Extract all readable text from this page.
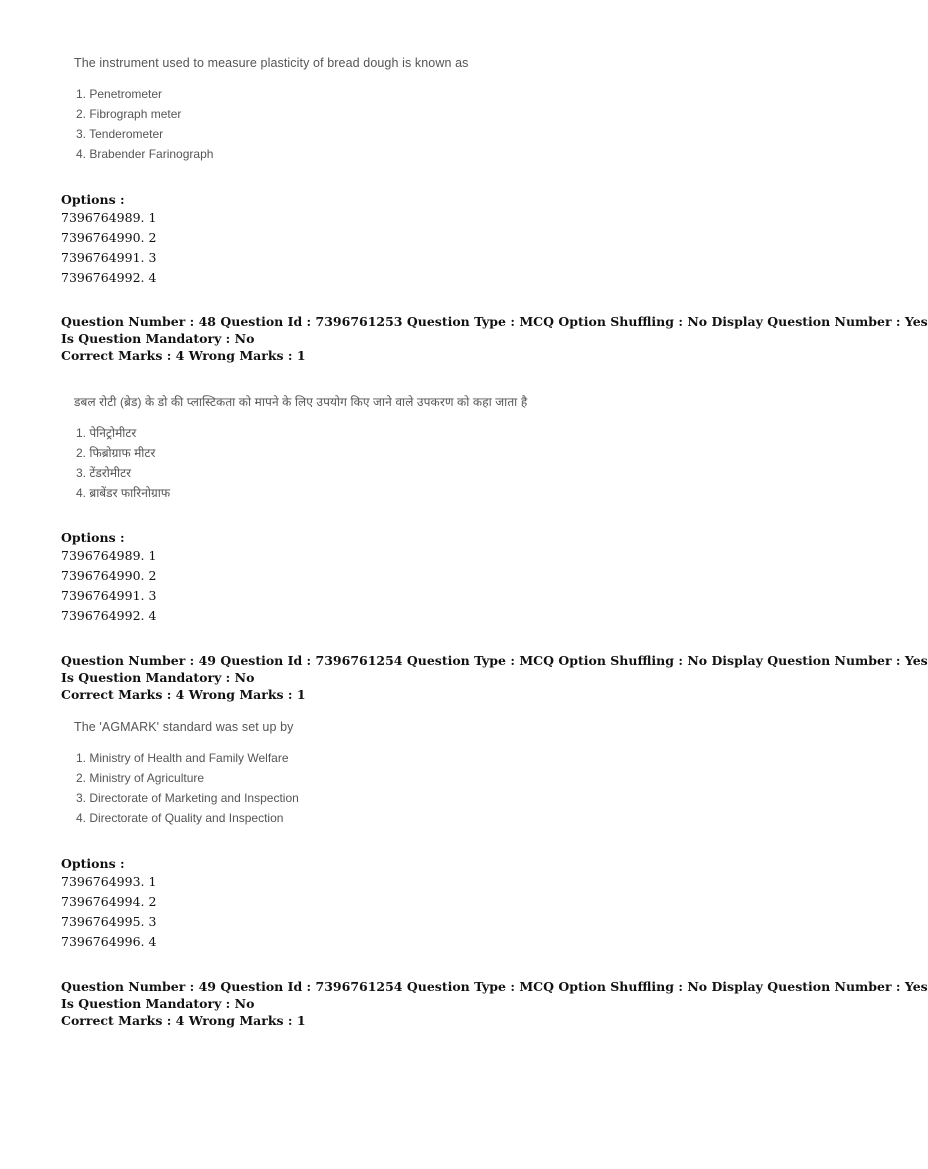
The instrument used to measure plasticity of bread dough is known as
1. Penetrometer
2. Fibrograph meter
3. Tenderometer
4. Brabender Farinograph
Options :
7396764989. 1
7396764990. 2
7396764991. 3
7396764992. 4
Question Number : 48 Question Id : 7396761253 Question Type : MCQ Option Shuffling : No Display Question Number : Yes
Is Question Mandatory : No
Correct Marks : 4 Wrong Marks : 1
डबल रोटी (ब्रेड) के डो की प्लास्टिकता को मापने के लिए उपयोग किए जाने वाले उपकरण को कहा जाता है
1. पेनिट्रोमीटर
2. फिब्रोग्राफ मीटर
3. टेंडरोमीटर
4. ब्राबेंडर फारिनोग्राफ
Options :
7396764989. 1
7396764990. 2
7396764991. 3
7396764992. 4
Question Number : 49 Question Id : 7396761254 Question Type : MCQ Option Shuffling : No Display Question Number : Yes
Is Question Mandatory : No
Correct Marks : 4 Wrong Marks : 1
The 'AGMARK' standard was set up by
1. Ministry of Health and Family Welfare
2. Ministry of Agriculture
3. Directorate of Marketing and Inspection
4. Directorate of Quality and Inspection
Options :
7396764993. 1
7396764994. 2
7396764995. 3
7396764996. 4
Question Number : 49 Question Id : 7396761254 Question Type : MCQ Option Shuffling : No Display Question Number : Yes
Is Question Mandatory : No
Correct Marks : 4 Wrong Marks : 1
